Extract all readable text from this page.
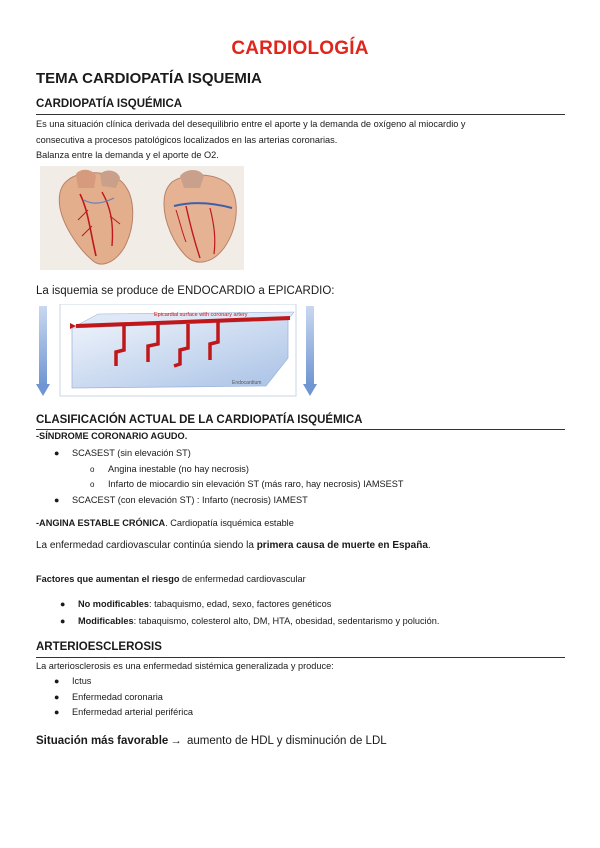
CARDIOLOGÍA
TEMA CARDIOPATÍA ISQUEMIA
CARDIOPATÍA ISQUÉMICA
Es una situación clínica derivada del desequilibrio entre el aporte y la demanda de oxígeno al miocardio y
consecutiva a procesos patológicos localizados en las arterias coronarias.
Balanza entre la demanda y el aporte de O2.
La isquemia se produce de ENDOCARDIO a EPICARDIO:
Epicardial surface with coronary artery
Endocardium
CLASIFICACIÓN ACTUAL DE LA CARDIOPATÍA ISQUÉMICA
-SÍNDROME CORONARIO AGUDO.
● SCASEST (sin elevación ST)
o Angina inestable (no hay necrosis)
o Infarto de miocardio sin elevación ST (más raro, hay necrosis) IAMSEST
● SCACEST (con elevación ST) : Infarto (necrosis) IAMEST
-ANGINA ESTABLE CRÓNICA. Cardiopatía isquémica estable
La enfermedad cardiovascular continúa siendo la primera causa de muerte en España.
Factores que aumentan el riesgo de enfermedad cardiovascular
● No modificables: tabaquismo, edad, sexo, factores genéticos
● Modificables: tabaquismo, colesterol alto, DM, HTA, obesidad, sedentarismo y polución.
ARTERIOESCLEROSIS
La arteriosclerosis es una enfermedad sistémica generalizada y produce:
● Ictus
● Enfermedad coronaria
● Enfermedad arterial periférica
Situación más favorable → aumento de HDL y disminución de LDL
